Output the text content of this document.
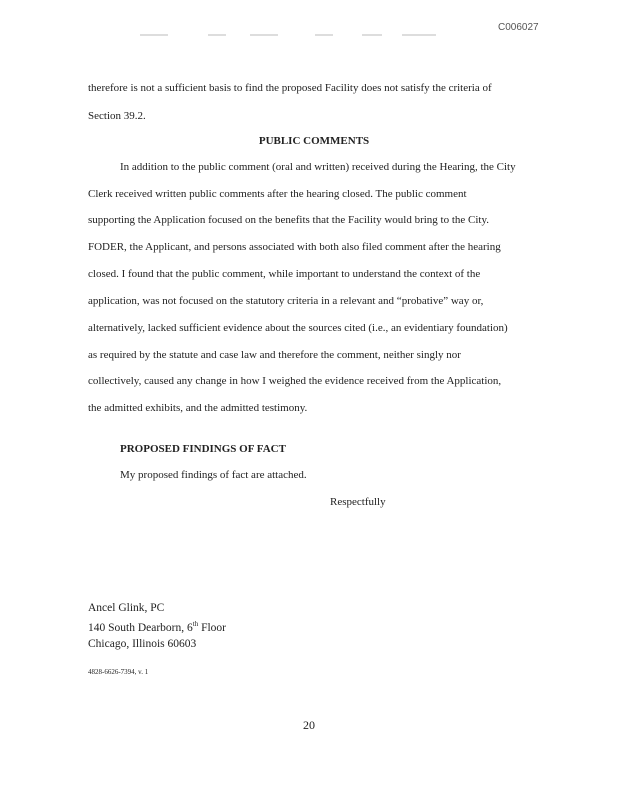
C006027
therefore is not a sufficient basis to find the proposed Facility does not satisfy the criteria of
Section 39.2.
PUBLIC COMMENTS
In addition to the public comment (oral and written) received during the Hearing, the City
Clerk received written public comments after the hearing closed. The public comment
supporting the Application focused on the benefits that the Facility would bring to the City.
FODER, the Applicant, and persons associated with both also filed comment after the hearing
closed. I found that the public comment, while important to understand the context of the
application, was not focused on the statutory criteria in a relevant and “probative” way or,
alternatively, lacked sufficient evidence about the sources cited (i.e., an evidentiary foundation)
as required by the statute and case law and therefore the comment, neither singly nor
collectively, caused any change in how I weighed the evidence received from the Application,
the admitted exhibits, and the admitted testimony.
PROPOSED FINDINGS OF FACT
My proposed findings of fact are attached.
Respectfully
Ancel Glink, PC
140 South Dearborn, 6th Floor
Chicago, Illinois 60603
4828-6626-7394, v. 1
20
